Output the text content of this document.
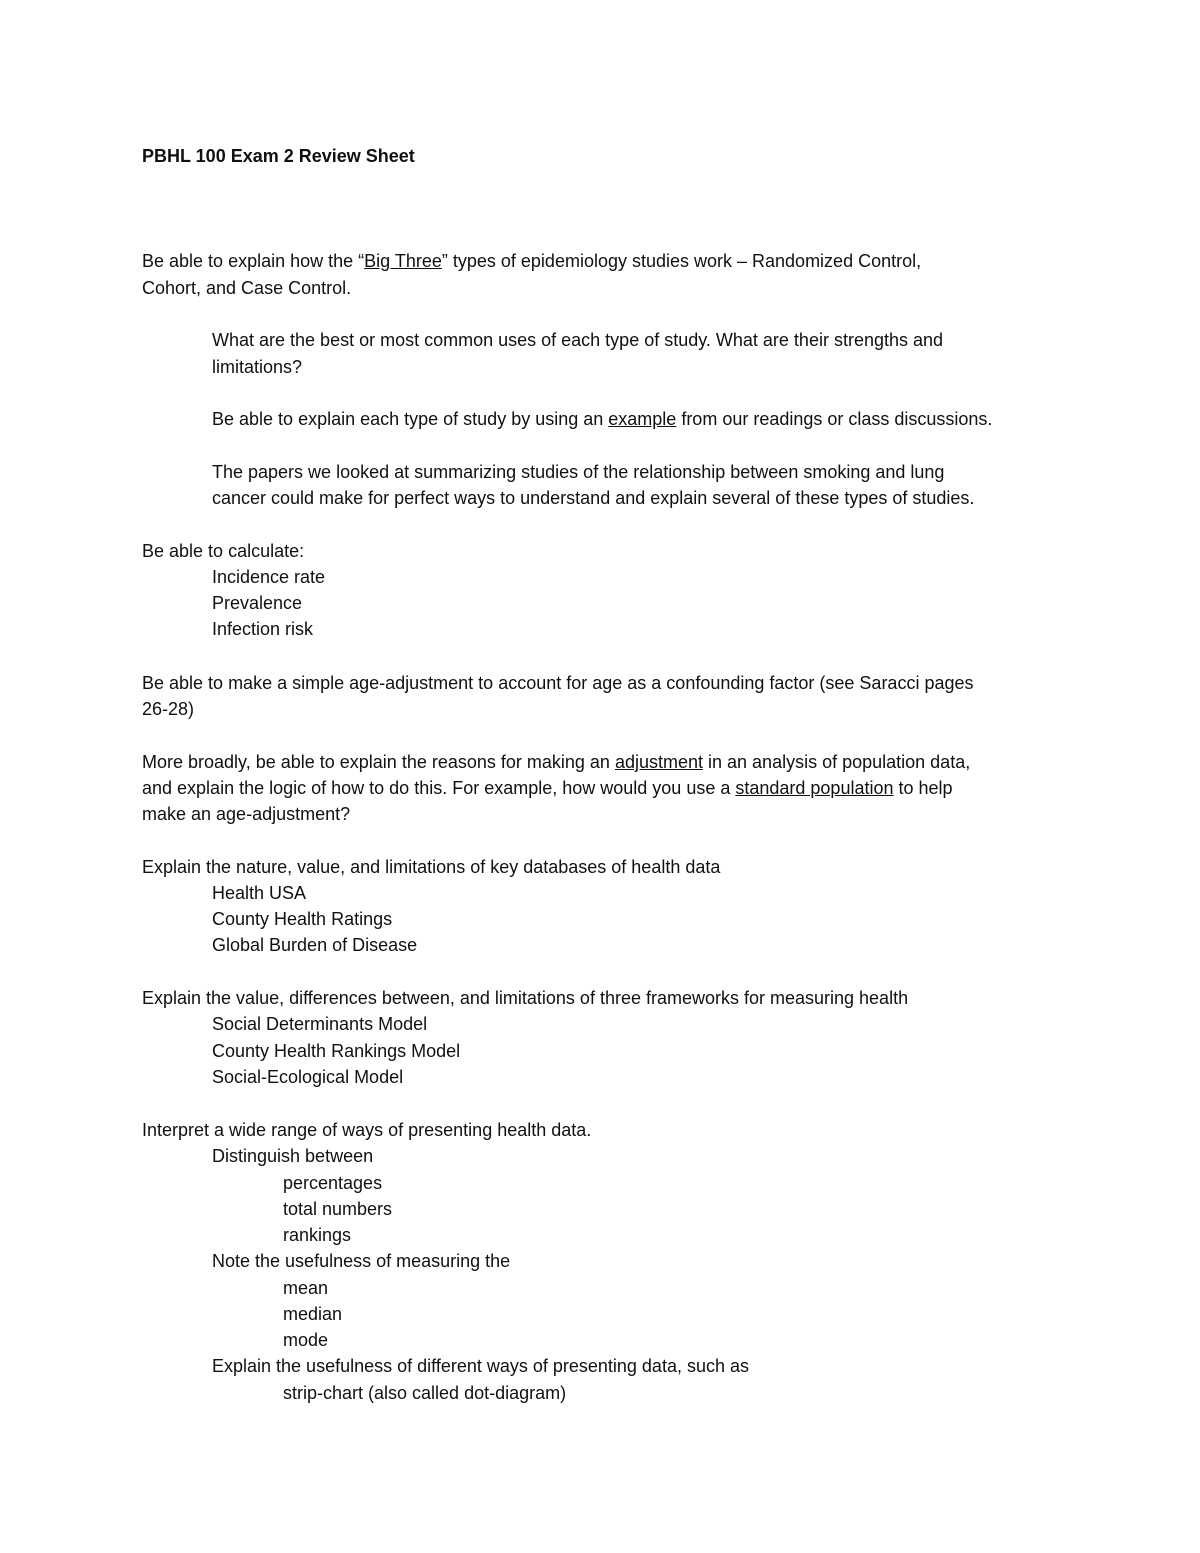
PBHL 100 Exam 2 Review Sheet
Be able to explain how the “Big Three” types of epidemiology studies work – Randomized Control,
Cohort, and Case Control.
What are the best or most common uses of each type of study. What are their strengths and
limitations?
Be able to explain each type of study by using an example from our readings or class discussions.
The papers we looked at summarizing studies of the relationship between smoking and lung
cancer could make for perfect ways to understand and explain several of these types of studies.
Be able to calculate:
Incidence rate
Prevalence
Infection risk
Be able to make a simple age-adjustment to account for age as a confounding factor (see Saracci pages
26-28)
More broadly, be able to explain the reasons for making an adjustment in an analysis of population data,
and explain the logic of how to do this. For example, how would you use a standard population to help
make an age-adjustment?
Explain the nature, value, and limitations of key databases of health data
Health USA
County Health Ratings
Global Burden of Disease
Explain the value, differences between, and limitations of three frameworks for measuring health
Social Determinants Model
County Health Rankings Model
Social-Ecological Model
Interpret a wide range of ways of presenting health data.
Distinguish between
percentages
total numbers
rankings
Note the usefulness of measuring the
mean
median
mode
Explain the usefulness of different ways of presenting data, such as
strip-chart (also called dot-diagram)
